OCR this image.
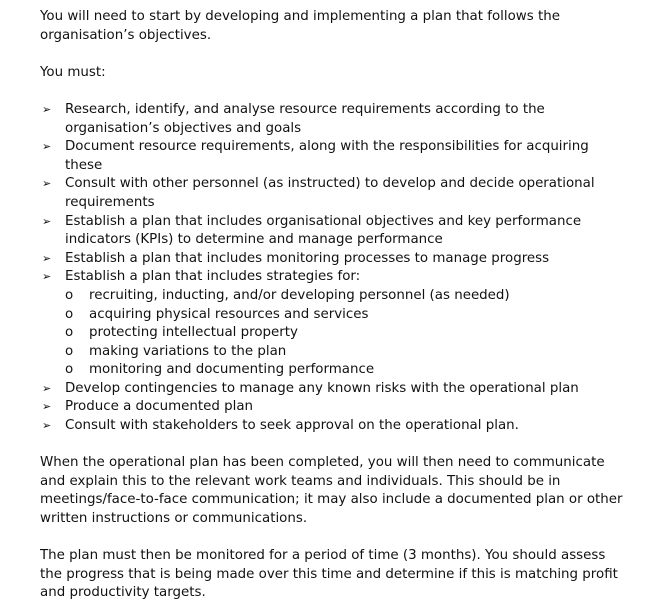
You will need to start by developing and implementing a plan that follows the organisation’s objectives.

You must:

➢ Research, identify, and analyse resource requirements according to the organisation’s objectives and goals
➢ Document resource requirements, along with the responsibilities for acquiring these
➢ Consult with other personnel (as instructed) to develop and decide operational requirements
➢ Establish a plan that includes organisational objectives and key performance indicators (KPIs) to determine and manage performance
➢ Establish a plan that includes monitoring processes to manage progress
➢ Establish a plan that includes strategies for:
o recruiting, inducting, and/or developing personnel (as needed)
o acquiring physical resources and services
o protecting intellectual property
o making variations to the plan
o monitoring and documenting performance
➢ Develop contingencies to manage any known risks with the operational plan
➢ Produce a documented plan
➢ Consult with stakeholders to seek approval on the operational plan.

When the operational plan has been completed, you will then need to communicate and explain this to the relevant work teams and individuals. This should be in meetings/face-to-face communication; it may also include a documented plan or other written instructions or communications.

The plan must then be monitored for a period of time (3 months). You should assess the progress that is being made over this time and determine if this is matching profit and productivity targets.
